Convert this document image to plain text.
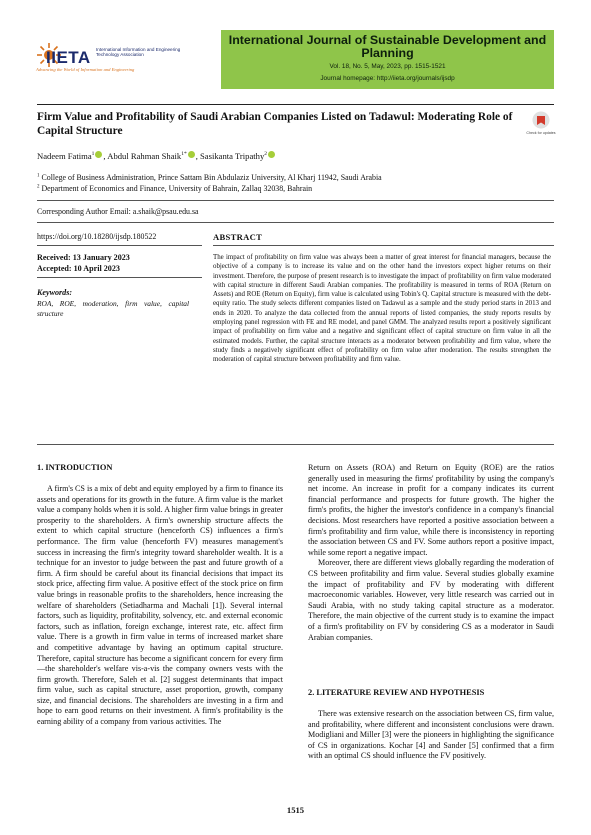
IIETA International Information and Engineering Technology Association
Advancing the World of Information and Engineering
International Journal of Sustainable Development and Planning
Vol. 18, No. 5, May, 2023, pp. 1515-1521
Journal homepage: http://iieta.org/journals/ijsdp
Firm Value and Profitability of Saudi Arabian Companies Listed on Tadawul: Moderating Role of Capital Structure	Check for updates
Nadeem Fatima$^1$ , Abdul Rahman Shaik$^{1*}$ , Sasikanta Tripathy$^2$
$^1$ College of Business Administration, Prince Sattam Bin Abdulaziz University, Al Kharj 11942, Saudi Arabia
$^2$ Department of Economics and Finance, University of Bahrain, Zallaq 32038, Bahrain
Corresponding Author Email: a.shaik@psau.edu.sa
https://doi.org/10.18280/ijsdp.180522
Received: 13 January 2023
Accepted: 10 April 2023
Keywords:
ROA, ROE, moderation, firm value, capital structure
ABSTRACT
The impact of profitability on firm value was always been a matter of great interest for financial managers, because the objective of a company is to increase its value and on the other hand the investors expect higher returns on their investment. Therefore, the purpose of present research is to investigate the impact of profitability on firm value moderated with capital structure in different Saudi Arabian companies. The profitability is measured in terms of ROA (Return on Assets) and ROE (Return on Equity), firm value is calculated using Tobin's Q. Capital structure is measured with the debt-equity ratio. The study selects different companies listed on Tadawul as a sample and the study period starts in 2013 and ends in 2020. To analyze the data collected from the annual reports of listed companies, the study reports results by employing panel regression with FE and RE model, and panel GMM. The analyzed results report a positively significant impact of profitability on firm value and a negative and significant effect of capital structure on firm value in all the estimated models. Further, the capital structure interacts as a moderator between profitability and firm value, where the study finds a negatively significant effect of profitability on firm value after moderation. The results strengthen the moderation of capital structure between profitability and firm value.
1. INTRODUCTION

A firm's CS is a mix of debt and equity employed by a firm to finance its assets and operations for its growth in the future. A firm value is the market value a company holds when it is sold. A higher firm value brings in greater prosperity to the shareholders. A firm's ownership structure affects the extent to which capital structure (henceforth CS) influences a firm's performance. The firm value (henceforth FV) measures management's success in increasing the firm's integrity toward shareholder wealth. It is a technique for an investor to judge between the past and future growth of a firm. A firm should be careful about its financial decisions that impact its stock price, affecting firm value. A positive effect of the stock price on firm value brings in reasonable profits to the shareholders, hence increasing the welfare of shareholders (Setiadharma and Machali [1]). Several internal factors, such as liquidity, profitability, solvency, etc. and external economic factors, such as inflation, foreign exchange, interest rate, etc. affect firm value. There is a growth in firm value in terms of increased market share and competitive advantage by having an optimum capital structure. Therefore, capital structure has become a significant concern for every firm—the shareholder's welfare vis-a-vis the company owners vests with the firm growth. Therefore, Saleh et al. [2] suggest determinants that impact firm value, such as capital structure, asset proportion, growth, company size, and financial decisions. The shareholders are investing in a firm and hope to earn good returns on their investment. A firm's profitability is the earning ability of a company from various activities. The

Return on Assets (ROA) and Return on Equity (ROE) are the ratios generally used in measuring the firms' profitability by using the company's net income. An increase in profit for a company indicates its current financial performance and prospects for future growth. The higher the firm's profits, the higher the investor's confidence in a company's financial decisions. Most researchers have reported a positive association between a firm's profitability and firm value, while there is inconsistency in reporting the association between CS and FV. Some authors report a positive impact, while some report a negative impact.

Moreover, there are different views globally regarding the moderation of CS between profitability and firm value. Several studies globally examine the impact of profitability and FV by moderating with different macroeconomic variables. However, very little research was carried out in Saudi Arabia, with no study taking capital structure as a moderator. Therefore, the main objective of the current study is to examine the impact of a firm's profitability on FV by considering CS as a moderator in Saudi Arabian companies.

2. LITERATURE REVIEW AND HYPOTHESIS

There was extensive research on the association between CS, firm value, and profitability, where different and inconsistent conclusions were drawn. Modigliani and Miller [3] were the pioneers in highlighting the significance of CS in organizations. Kochar [4] and Sander [5] confirmed that a firm with an optimal CS should influence the FV positively.

1515
